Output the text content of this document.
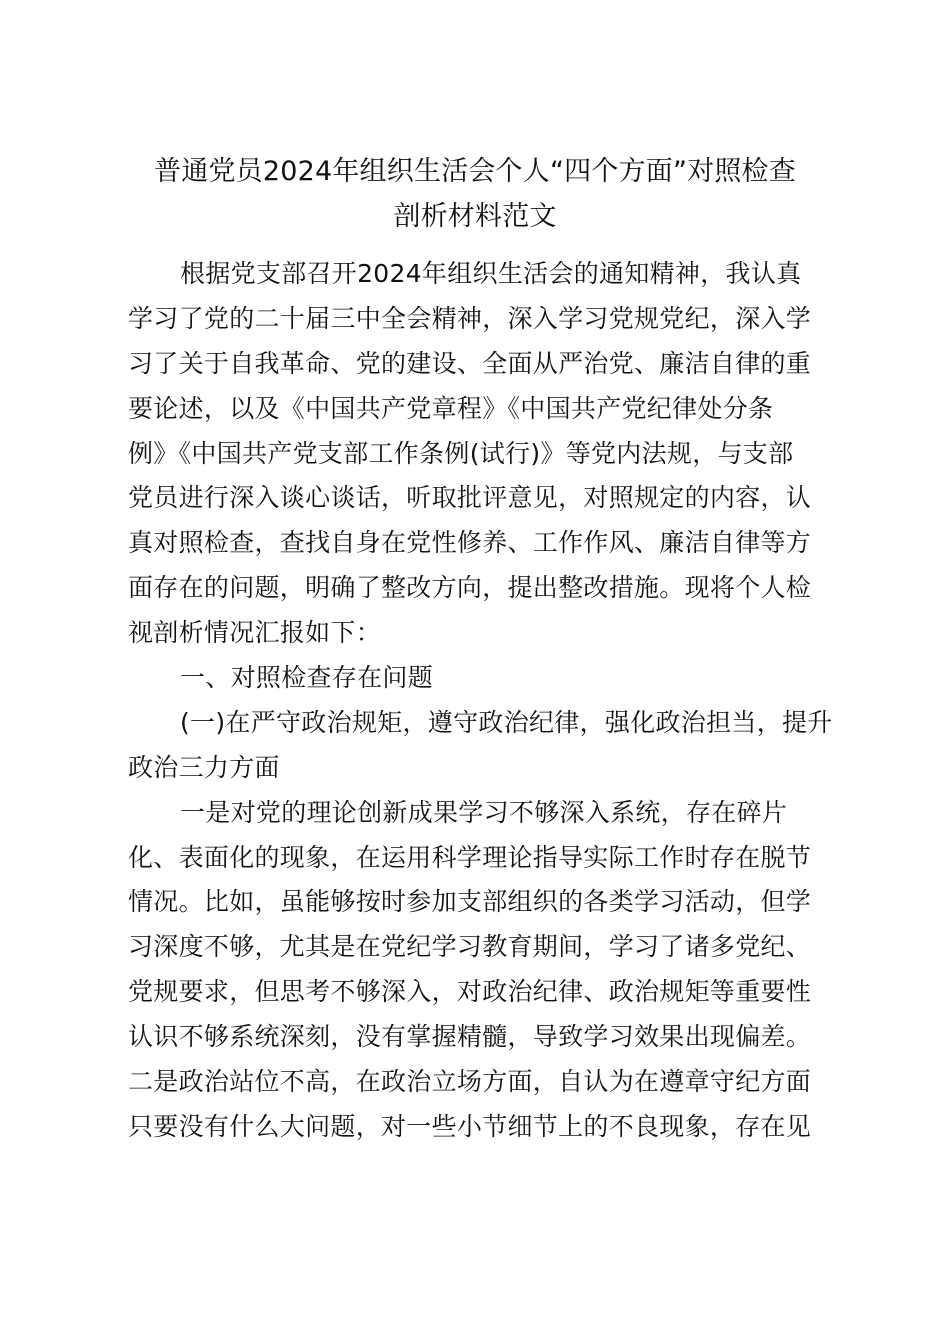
普通党员2024年组织生活会个人“四个方面”对照检查
剖析材料范文
根据党支部召开2024年组织生活会的通知精神，我认真
学习了党的二十届三中全会精神，深入学习党规党纪，深入学
习了关于自我革命、党的建设、全面从严治党、廉洁自律的重
要论述，以及《中国共产党章程》《中国共产党纪律处分条
例》《中国共产党支部工作条例(试行)》等党内法规，与支部
党员进行深入谈心谈话，听取批评意见，对照规定的内容，认
真对照检查，查找自身在党性修养、工作作风、廉洁自律等方
面存在的问题，明确了整改方向，提出整改措施。现将个人检
视剖析情况汇报如下：
一、对照检查存在问题
(一)在严守政治规矩，遵守政治纪律，强化政治担当，提升
政治三力方面
一是对党的理论创新成果学习不够深入系统，存在碎片
化、表面化的现象，在运用科学理论指导实际工作时存在脱节
情况。比如，虽能够按时参加支部组织的各类学习活动，但学
习深度不够，尤其是在党纪学习教育期间，学习了诸多党纪、
党规要求，但思考不够深入，对政治纪律、政治规矩等重要性
认识不够系统深刻，没有掌握精髓，导致学习效果出现偏差。
二是政治站位不高，在政治立场方面，自认为在遵章守纪方面
只要没有什么大问题，对一些小节细节上的不良现象，存在见
